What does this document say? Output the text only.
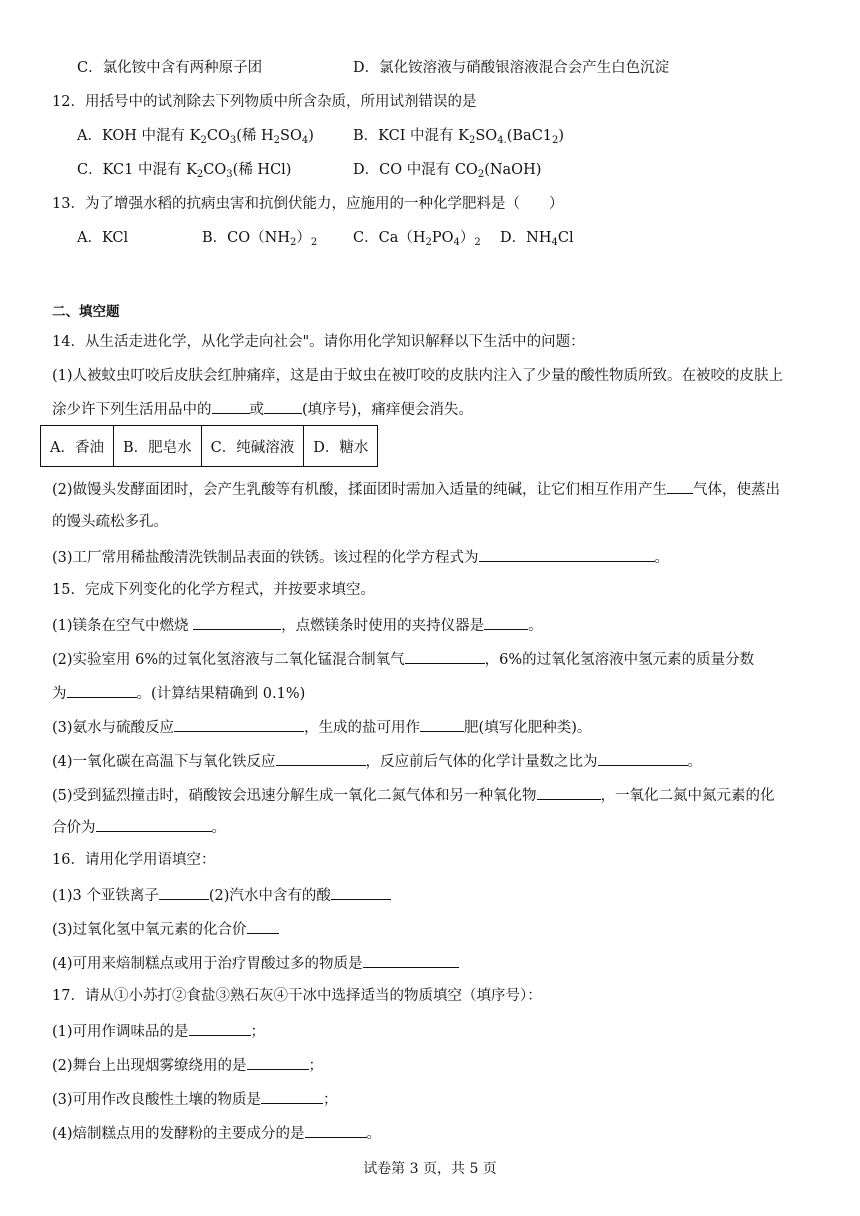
C．氯化铵中含有两种原子团	D．氯化铵溶液与硝酸银溶液混合会产生白色沉淀
12．用括号中的试剂除去下列物质中所含杂质，所用试剂错误的是
A．KOH 中混有 $K_2CO_3$(稀 $H_2SO_4$)	B．KCI 中混有 $K_2SO_{4.}(BaC1_2)$
C．KC1 中混有 $K_2CO_3$(稀 HCl)	D．CO 中混有 $CO_2(NaOH)$
13．为了增强水稻的抗病虫害和抗倒伏能力，应施用的一种化学肥料是（　　）
A．KCl	B．$CO(NH_2)_2$ C．$Ca(H_2PO_4)_2$ D．$NH_4Cl$
二、填空题
14．从生活走进化学，从化学走向社会"。请你用化学知识解释以下生活中的问题：
(1)人被蚊虫叮咬后皮肤会红肿痛痒，这是由于蚊虫在被叮咬的皮肤内注入了少量的酸性物质所致。在被咬的皮肤上
涂少许下列生活用品中的	或	(填序号)，痛痒便会消失。
A．香油	B．肥皂水	C．纯碱溶液	D．糖水
(2)做馒头发酵面团时，会产生乳酸等有机酸，揉面团时需加入适量的纯碱，让它们相互作用产生 气体，使蒸出
的馒头疏松多孔。
(3)工厂常用稀盐酸清洗铁制品表面的铁锈。该过程的化学方程式为	。
15．完成下列变化的化学方程式，并按要求填空。
(1)镁条在空气中燃烧	，点燃镁条时使用的夹持仪器是	。
(2)实验室用 6%的过氧化氢溶液与二氧化锰混合制氧气	，6%的过氧化氢溶液中氢元素的质量分数
为	。(计算结果精确到 0.1%)
(3)氨水与硫酸反应	，生成的盐可用作	肥(填写化肥种类)。
(4)一氧化碳在高温下与氧化铁反应	，反应前后气体的化学计量数之比为	。
(5)受到猛烈撞击时，硝酸铵会迅速分解生成一氧化二氮气体和另一种氧化物	，一氧化二氮中氮元素的化
合价为	。
16．请用化学用语填空：
(1)3 个亚铁离子	(2)汽水中含有的酸
(3)过氧化氢中氧元素的化合价
(4)可用来焙制糕点或用于治疗胃酸过多的物质是
17．请从①小苏打②食盐③熟石灰④干冰中选择适当的物质填空（填序号）：
(1)可用作调味品的是	；
(2)舞台上出现烟雾缭绕用的是	；
(3)可用作改良酸性土壤的物质是	；
(4)焙制糕点用的发酵粉的主要成分的是	。
试卷第 3 页，共 5 页
